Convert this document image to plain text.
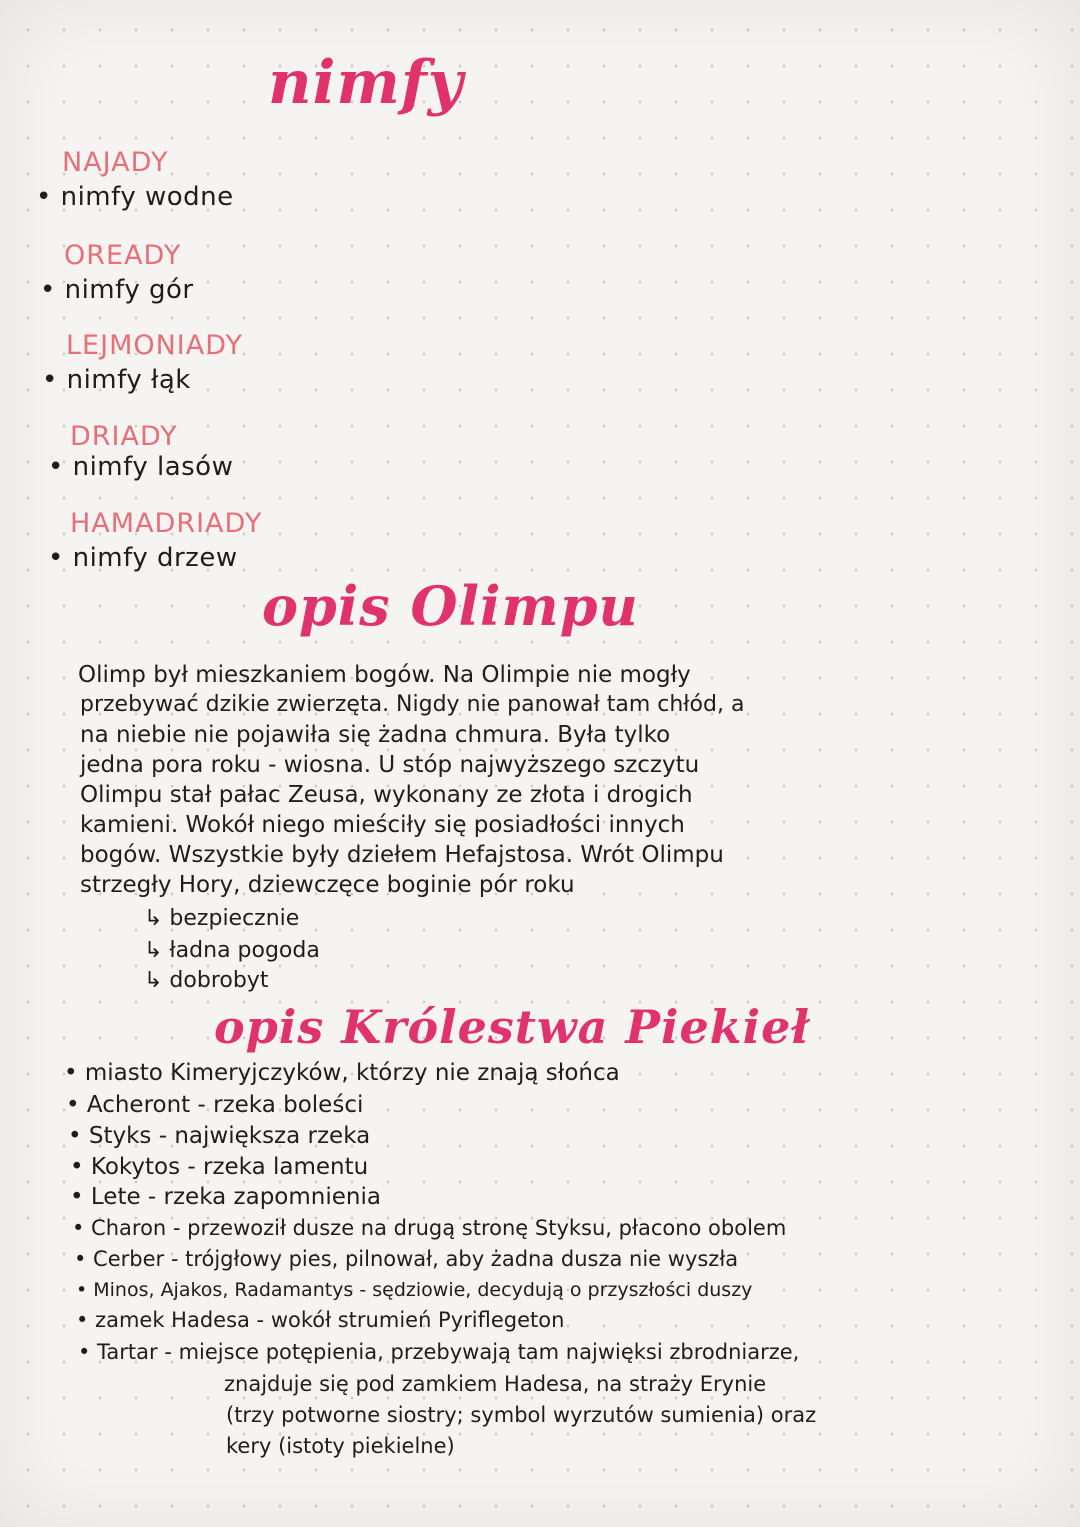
nimfy
NAJADY
• nimfy wodne
OREADY
• nimfy gór
LEJMONIADY
• nimfy łąk
DRIADY
• nimfy lasów
HAMADRIADY
• nimfy drzew
opis Olimpu
Olimp był mieszkaniem bogów. Na Olimpie nie mogły
przebywać dzikie zwierzęta. Nigdy nie panował tam chłód, a
na niebie nie pojawiła się żadna chmura. Była tylko
jedna pora roku - wiosna. U stóp najwyższego szczytu
Olimpu stał pałac Zeusa, wykonany ze złota i drogich
kamieni. Wokół niego mieściły się posiadłości innych
bogów. Wszystkie były dziełem Hefajstosa. Wrót Olimpu
strzegły Hory, dziewczęce boginie pór roku
↳ bezpiecznie
↳ ładna pogoda
↳ dobrobyt
opis Królestwa Piekieł
• miasto Kimeryjczyków, którzy nie znają słońca
• Acheront - rzeka boleści
• Styks - największa rzeka
• Kokytos - rzeka lamentu
• Lete - rzeka zapomnienia
• Charon - przewoził dusze na drugą stronę Styksu, płacono obolem
• Cerber - trójgłowy pies, pilnował, aby żadna dusza nie wyszła
• Minos, Ajakos, Radamantys - sędziowie, decydują o przyszłości duszy
• zamek Hadesa - wokół strumień Pyriflegeton
• Tartar - miejsce potępienia, przebywają tam najwięksi zbrodniarze,
znajduje się pod zamkiem Hadesa, na straży Erynie
(trzy potworne siostry; symbol wyrzutów sumienia) oraz
kery (istoty piekielne)
